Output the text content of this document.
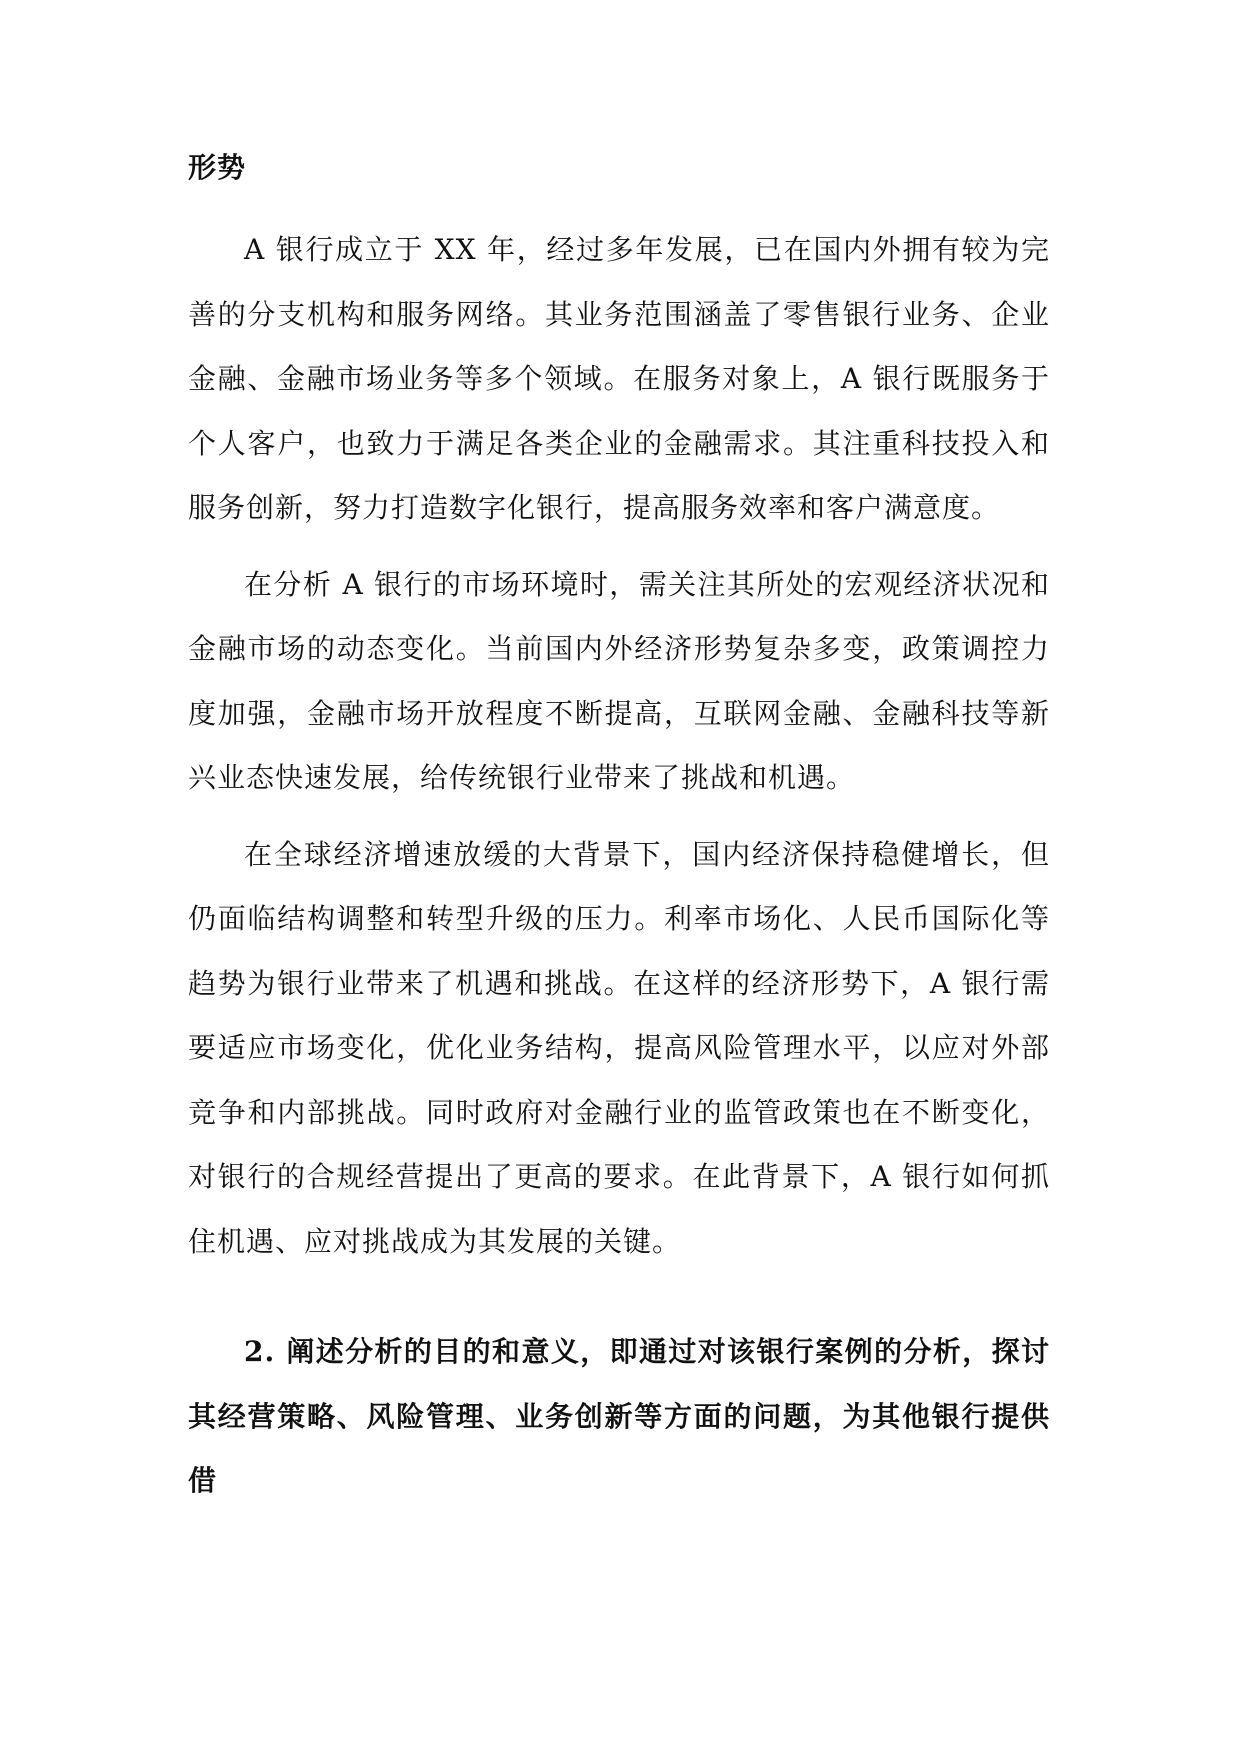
形势

A 银行成立于 XX 年，经过多年发展，已在国内外拥有较为完善的分支机构和服务网络。其业务范围涵盖了零售银行业务、企业金融、金融市场业务等多个领域。在服务对象上，A 银行既服务于个人客户，也致力于满足各类企业的金融需求。其注重科技投入和服务创新，努力打造数字化银行，提高服务效率和客户满意度。

在分析 A 银行的市场环境时，需关注其所处的宏观经济状况和金融市场的动态变化。当前国内外经济形势复杂多变，政策调控力度加强，金融市场开放程度不断提高，互联网金融、金融科技等新兴业态快速发展，给传统银行业带来了挑战和机遇。

在全球经济增速放缓的大背景下，国内经济保持稳健增长，但仍面临结构调整和转型升级的压力。利率市场化、人民币国际化等趋势为银行业带来了机遇和挑战。在这样的经济形势下，A 银行需要适应市场变化，优化业务结构，提高风险管理水平，以应对外部竞争和内部挑战。同时政府对金融行业的监管政策也在不断变化，对银行的合规经营提出了更高的要求。在此背景下，A 银行如何抓住机遇、应对挑战成为其发展的关键。

2. 阐述分析的目的和意义，即通过对该银行案例的分析，探讨其经营策略、风险管理、业务创新等方面的问题，为其他银行提供借
